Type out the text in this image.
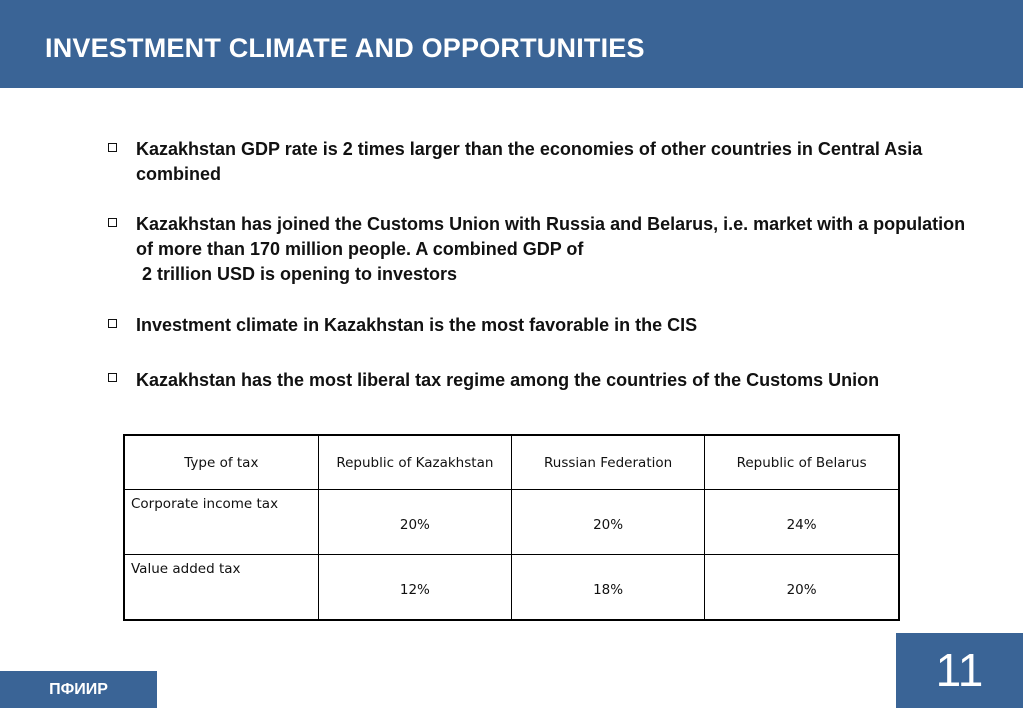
INVESTMENT CLIMATE AND OPPORTUNITIES
Kazakhstan GDP rate is 2 times larger than the economies of other countries in Central Asia combined
Kazakhstan has joined the Customs Union with Russia and Belarus, i.e. market with a population of more than 170 million people. A combined GDP of
2 trillion USD is opening to investors
Investment climate in Kazakhstan is the most favorable in the CIS
Kazakhstan has the most liberal tax regime among the countries of the Customs Union
Type of tax	Republic of Kazakhstan	Russian Federation	Republic of Belarus
Corporate income tax	20%	20%	24%
Value added tax	12%	18%	20%
ПФИИР	11
